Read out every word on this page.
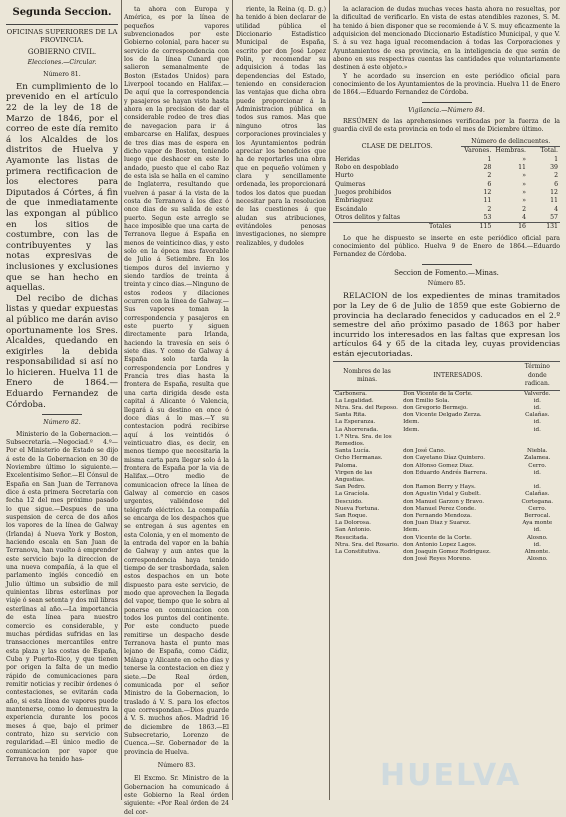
Segunda Seccion.

OFICINAS SUPERIORES DE LA PROVINCIA.

GOBIERNO CIVIL.

Elecciones.—Circular.

Número 81.

En cumplimiento de lo prevenido en el artículo 22 de la ley de 18 de Marzo de 1846, por el correo de este día remito á los Alcaldes de los distritos de Huelva y Ayamonte las listas de primera rectificacion de los electores para Diputados á Córtes, á fin de que inmediatamente las expongan al público en los sitios de costumbre, con las de contribuyentes y las notas expresivas de inclusiones y exclusiones que se han hecho en aquellas.

Del recibo de dichas listas y quedar expuestas al público me darán aviso oportunamente los Sres. Alcaldes, quedando en exigirles la debida responsabilidad si así no lo hicieren. Huelva 11 de Enero de 1864.—Eduardo Fernandez de Córdoba.

Número 82.

Ministerio de la Gobernacion.—Subsecretaría.—Negociad.º 4.º—Por el Ministerio de Estado se dijo á este de la Gobernacion en 30 de Noviembre último lo siguiente.—Excelentísimo Señor.—El Cónsul de España en San Juan de Terranova dice á esta primera Secretaría con fecha 12 del mes próximo pasado lo que sigue.—Despues de una suspension de cerca de dos años los vapores de la línea de Galway (Irlanda) á Nueva York y Boston, haciendo escala en San Juan de Terranova, han vuelto á emprender este servicio bajo la direccion de una nueva compañía, á la que el parlamento inglés concedió en Julio último un subsidio de mil quinientas libras esterlinas por viaje ó sean setenta y dos mil libras esterlinas al año.—La importancia de esta línea para nuestro comercio es considerable, y muchas pérdidas sufridas en las transacciones mercantiles entre esta plaza y las costas de España, Cuba y Puerto-Rico, y que tienen por origen la falta de un medio rápido de comunicaciones para remitir noticias y recibir órdenes ó contestaciones, se evitarán cada año, si esta línea de vapores puede mantenerse, como lo demuestra la experiencia durante los pocos meses á que, bajo el primer contrato, hizo su servicio con regularidad.—El único medio de comunicacion por vapor que Terranova ha tenido has-

ta ahora con Europa y América, es por la línea de pequeños vapores subvencionados por este Gobierno colonial, para hacer su servicio de correspondencia con los de la línea Cunard que salieron semanalmente de Boston (Estados Unidos) para Liverpool tocando en Halifax.—De aquí que la correspondencia y pasajeros se hayan visto hasta ahora en la precision de dar el considerable rodeo de tres dias de navegacion para ir á embarcarse en Halifax, despues de tres dias mas de espera en dicho vapor de Boston, teniendo luego que deshacer en este lo andado, puesto que el cabo Raz de esta isla se halla en el camino de Inglaterra, resultando que vuelven á pasar á la vista de la costa de Terranova á los diez ó once dias de su salida de este puerto. Segun este arreglo se hace imposible que una carta de Terranova llegue á España en menos de veinticinco dias, y esto solo en la época mas favorable de Julio á Setiembre. En los tiempos duros del invierno y siendo tardíos de treinta á treinta y cinco dias.—Ninguno de estos rodeos y dilaciones ocurren con la línea de Galway.—Sus vapores toman la correspondencia y pasajeros en este puerto y siguen directamente para Irlanda, haciendo la travesía en seis ó siete dias. Y como de Galway á España solo tarda la correspondencia por Londres y Francia tres dias hasta la frontera de España, resulta que una carta dirigida desde esta capital á Alicante ó Valencia, llegará á su destino en once ó doce dias á lo mas.—Y su contestacion podrá recibirse aquí á los veintidós ó veinticuatro dias, es decir, en menos tiempo que necesitaria la misma carta para llegar solo á la frontera de España por la via de Halifax.—Otro medio de comunicacion ofrece la línea de Galway al comercio en casos urgentes, valiéndose del telégrafo eléctrico. La compañía se encarga de los despachos que se entregan á sus agentes en esta Colonia, y en el momento de la entrada del vapor en la bahía de Galway y aun antes que la correspondencia haya tenido tiempo de ser trasbordada, salen estos despachos en un bote dispuesto para este servicio, de modo que aprovechen la llegada del vapor, tiempo que le sobra al ponerse en comunicacion con todos los puntos del continente. Por este conducto puede remitirse un despacho desde Terranova hasta el punto mas lejano de España, como Cádiz, Málaga y Alicante en ocho dias y tenerse la contestacion en diez y siete.—De Real órden, comunicada por el señor Ministro de la Gobernacion, lo traslado á V. S. para los efectos que correspondan.—Dios guarde á V. S. muchos años. Madrid 16 de diciembre de 1863.—El Subsecretario, Lorenzo de Cuenca.—Sr. Gobernador de la provincia de Huelva.

Número 83.

El Excmo. Sr. Ministro de la Gobernacion ha comunicado á este Gobierno la Real órden siguiente: «Por Real órden de 24 del cor-

riente, la Reina (q. D. g.) ha tenido á bien declarar de utilidad pública el Diccionario Estadístico Municipal de España, escrito por don José Lopez Polin, y recomendar su adquisicion á todas las dependencias del Estado, teniendo en consideracion las ventajas que dicha obra puede proporcionar á la Administracion pública en todos sus ramos. Mas que ninguno otros las corporaciones provinciales y los Ayuntamientos podrán apreciar los beneficios que ha de reportarles una obra que en pequeño volúmen y clara y sencillamente ordenada, les proporcionará todos los datos que puedan necesitar para la resolucion de las cuestiones á que aludan sus atribuciones, evitándoles penosas investigaciones, no siempre realizables, y dudoles

la aclaracion de dudas muchas veces hasta ahora no resueltas, por la dificultad de verificarlo. En vista de estas atendibles razones, S. M. ha tenido á bien disponer que se recomiende á V. S. muy eficazmente la adquisicion del mencionado Diccionario Estadístico Municipal, y que V. S. á su vez haga igual recomendacion á todas las Corporaciones y Ayuntamientos de esa provincia, en la inteligencia de que serán de abono en sus respectivas cuentas las cantidades que voluntariamente destinen á este objeto.»

Y he acordado su insercion en este periódico oficial para conocimiento de los Ayuntamientos de la provincia. Huelva 11 de Enero de 1864.—Eduardo Fernandez de Córdoba.

Vigilancia.—Número 84.

RESÚMEN de las aprehensiones verificadas por la fuerza de la guardia civil de esta provincia en todo el mes de Diciembre último.

CLASE DE DELITOS.	Número de delincuentes.		
	Varones.	Hembras.	Total.
Heridas	1	»	1
Robo en despoblado	28	11	39
Hurto	2	»	2
Quimeras	6	»	6
Juegos prohibidos	12	»	12
Embriaguez	11	»	11
Escándalo	2	2	4
Otros delitos y faltas	53	4	57
Totales	115	16	131

Lo que he dispuesto se inserte en este periódico oficial para conocimiento del público. Huelva 9 de Enero de 1864.—Eduardo Fernandez de Córdoba.

Seccion de Fomento.—Minas.

Número 85.

RELACION de los expedientes de minas tramitados por la Ley de 6 de Julio de 1859 que este Gobierno de provincia ha declarado fenecidos y caducados en el 2.º semestre del año próximo pasado de 1863 por haber incurrido los interesados en las faltas que expresan los artículos 64 y 65 de la citada ley, cuyas providencias están ejecutoriadas.

Nombres de las minas.	INTERESADOS.	Término donde radican.
Carbonera.	Don Vicente de la Corte.	Valverde.
La Legalidad.	don Emilio Sola.	id.
Ntra. Sra. del Reposo.	don Gregorio Bermejo.	id.
Santa Rita.	don Vicente Delgado Zerza.	Calañas.
La Esperanza.	Idem.	id.
La Ahorrerada.	Idem.	id.
1.ª Ntra. Sra. de los Remedios.		
Santa Lucía.	don José Cano.	Niebla.
Ocho Hermanas.	don Cayetano Díaz Quintero.	Zalamea.
Paloma.	don Alfonso Gomez Diaz.	Cerro.
Virgen de las Angustias.	don Eduardo Andrés Barrera.	id.
San Pedro.	don Ramon Berry y Hays.	id.
La Gracíola.	don Agustin Vidal y Gubelt.	Calañas.
Descuido.	don Manuel Garzon y Bravo.	Cortegana.
Nueva Fortuna.	don Manuel Perez Conde.	Cerro.
San Roque.	don Fernando Mendoza.	Berrocal.
La Dolorosa.	don Juan Diaz y Suarez.	Aya monte
San Antonio.	Idem.	id.
Resucitada.	don Vicente de la Corte.	Alosno.
Ntra. Sra. del Rosario.	don Antonio Lopez Lagos.	id.
La Constitutiva.	don Joaquin Gomez Rodriguez.	Almonte.
	don José Reyes Moreno.	Alosno.
HUELVA
